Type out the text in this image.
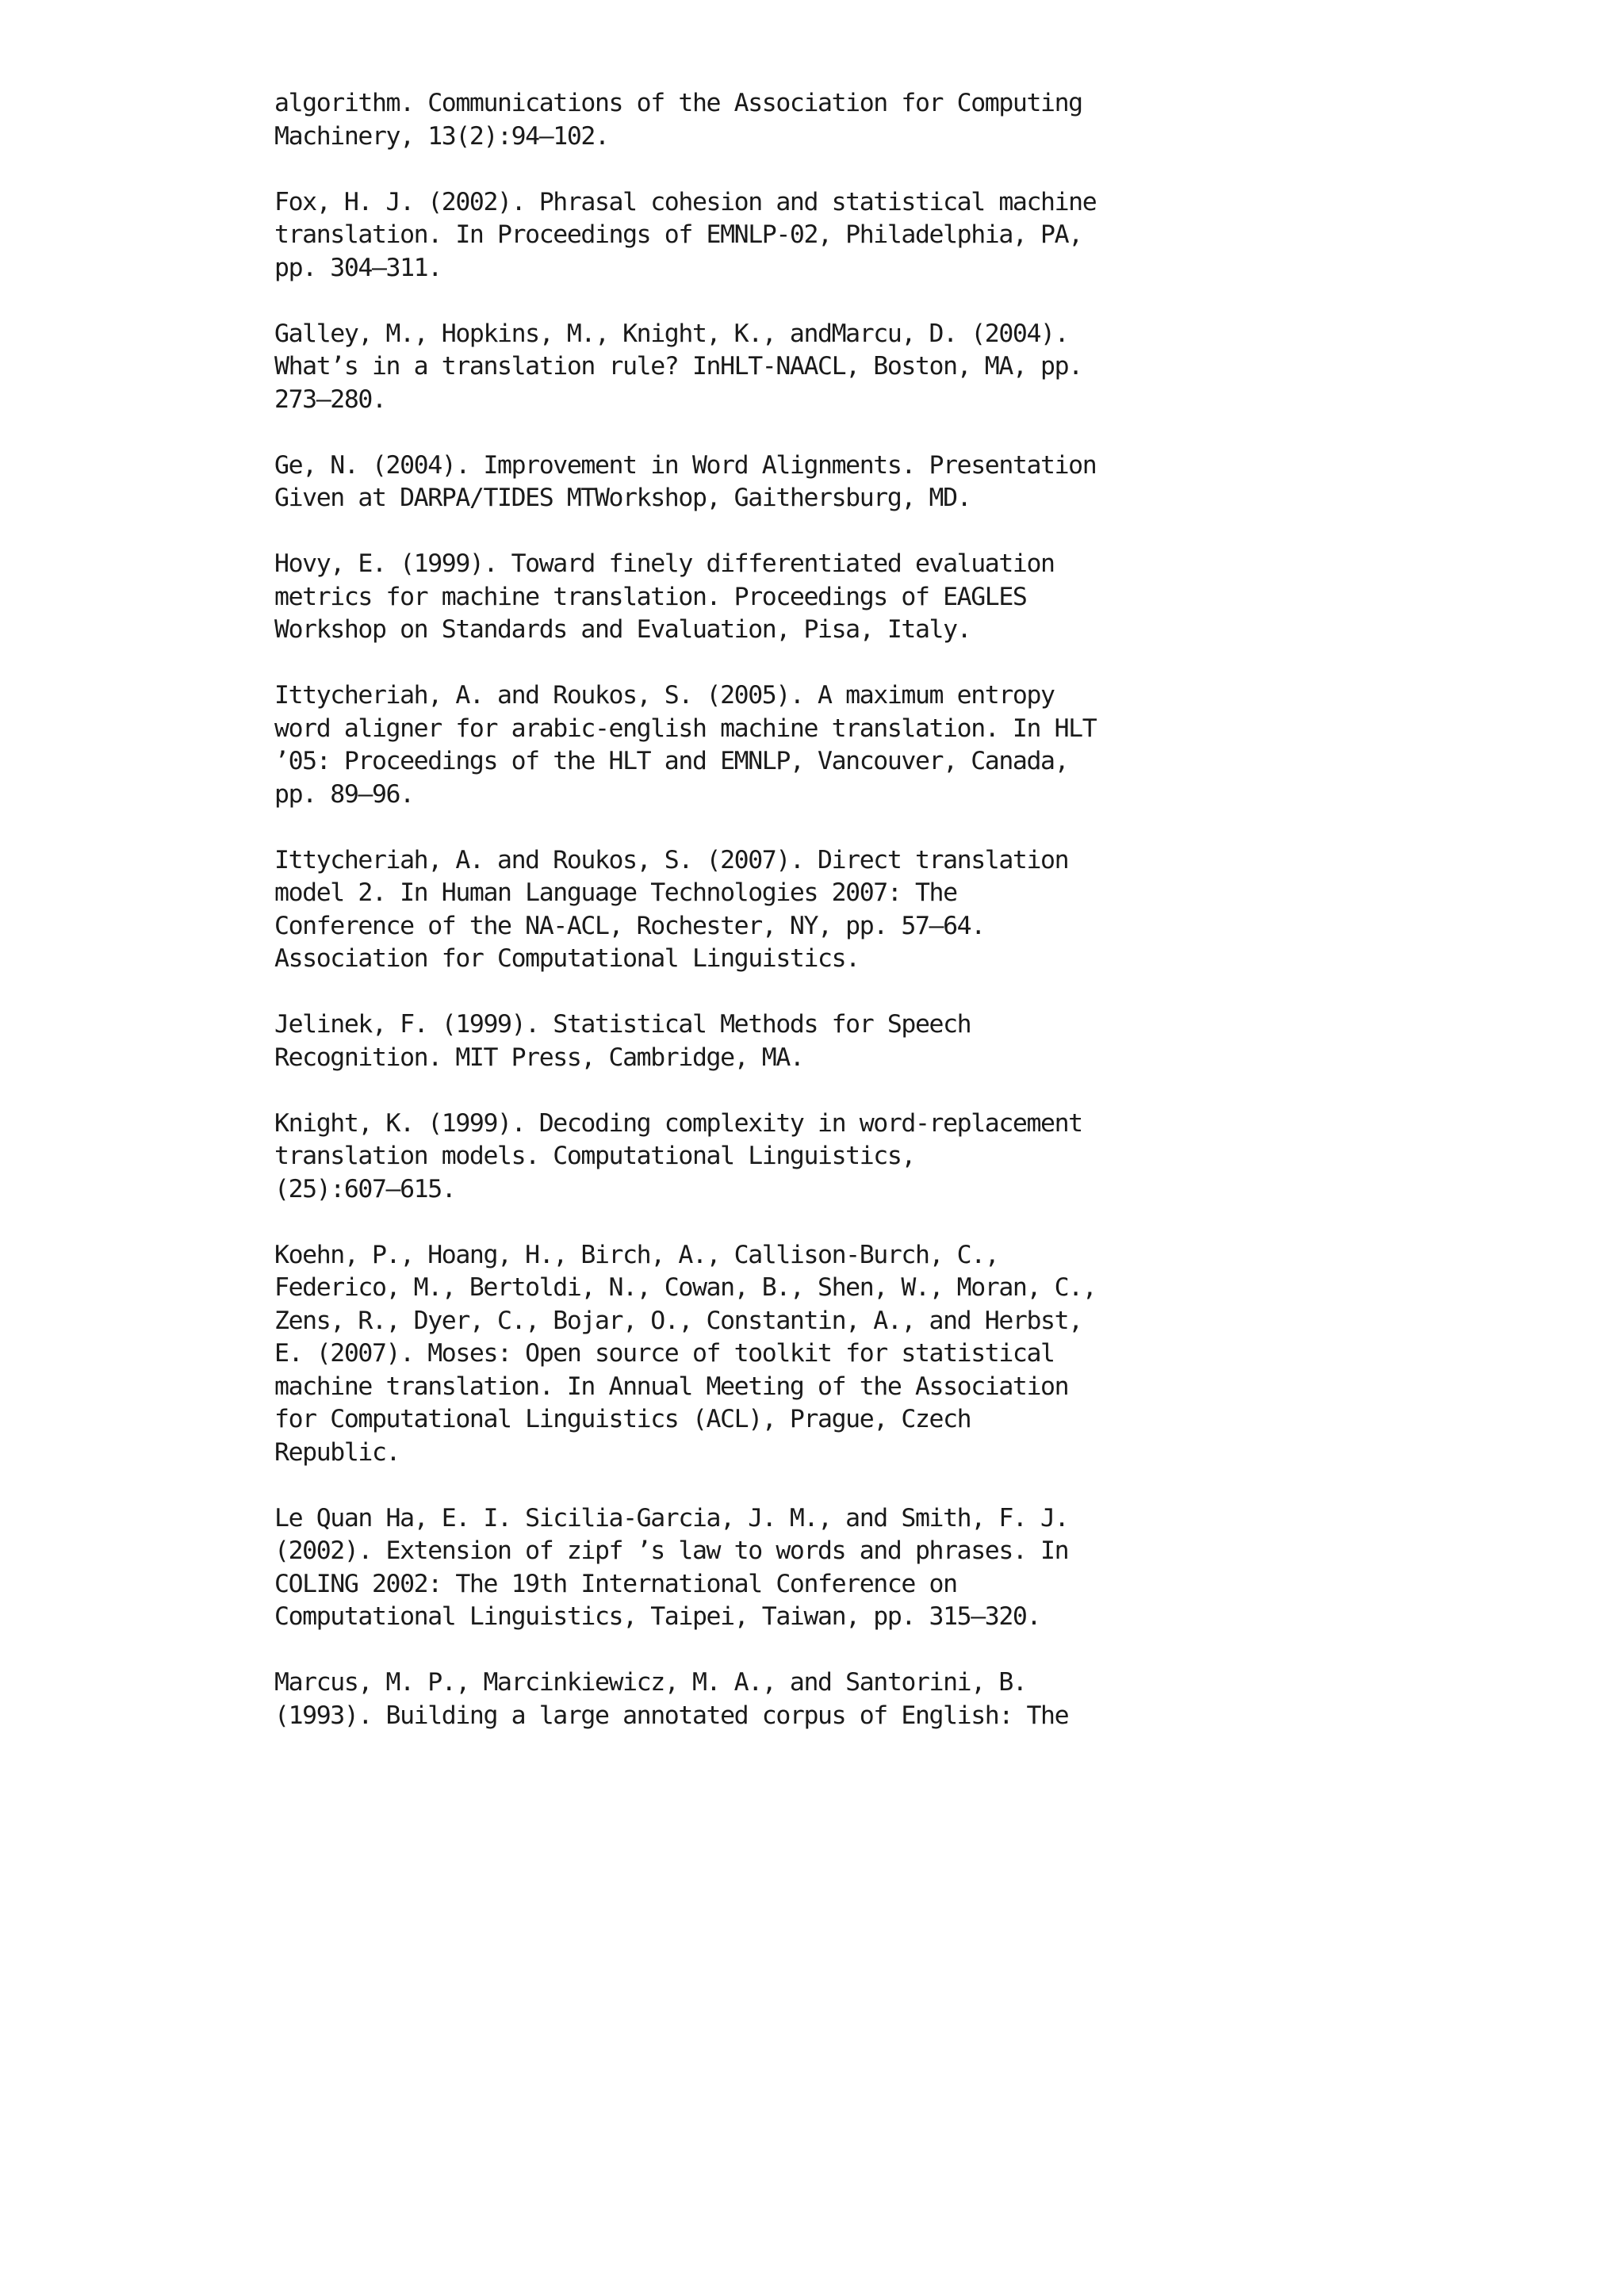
algorithm. Communications of the Association for Computing
Machinery, 13(2):94–102.
Fox, H. J. (2002). Phrasal cohesion and statistical machine
translation. In Proceedings of EMNLP-02, Philadelphia, PA,
pp. 304–311.
Galley, M., Hopkins, M., Knight, K., andMarcu, D. (2004).
What’s in a translation rule? InHLT-NAACL, Boston, MA, pp.
273–280.
Ge, N. (2004). Improvement in Word Alignments. Presentation
Given at DARPA/TIDES MTWorkshop, Gaithersburg, MD.
Hovy, E. (1999). Toward finely differentiated evaluation
metrics for machine translation. Proceedings of EAGLES
Workshop on Standards and Evaluation, Pisa, Italy.
Ittycheriah, A. and Roukos, S. (2005). A maximum entropy
word aligner for arabic-english machine translation. In HLT
’05: Proceedings of the HLT and EMNLP, Vancouver, Canada,
pp. 89–96.
Ittycheriah, A. and Roukos, S. (2007). Direct translation
model 2. In Human Language Technologies 2007: The
Conference of the NA-ACL, Rochester, NY, pp. 57–64.
Association for Computational Linguistics.
Jelinek, F. (1999). Statistical Methods for Speech
Recognition. MIT Press, Cambridge, MA.
Knight, K. (1999). Decoding complexity in word-replacement
translation models. Computational Linguistics,
(25):607–615.
Koehn, P., Hoang, H., Birch, A., Callison-Burch, C.,
Federico, M., Bertoldi, N., Cowan, B., Shen, W., Moran, C.,
Zens, R., Dyer, C., Bojar, O., Constantin, A., and Herbst,
E. (2007). Moses: Open source of toolkit for statistical
machine translation. In Annual Meeting of the Association
for Computational Linguistics (ACL), Prague, Czech
Republic.
Le Quan Ha, E. I. Sicilia-Garcia, J. M., and Smith, F. J.
(2002). Extension of zipf ’s law to words and phrases. In
COLING 2002: The 19th International Conference on
Computational Linguistics, Taipei, Taiwan, pp. 315–320.
Marcus, M. P., Marcinkiewicz, M. A., and Santorini, B.
(1993). Building a large annotated corpus of English: The
